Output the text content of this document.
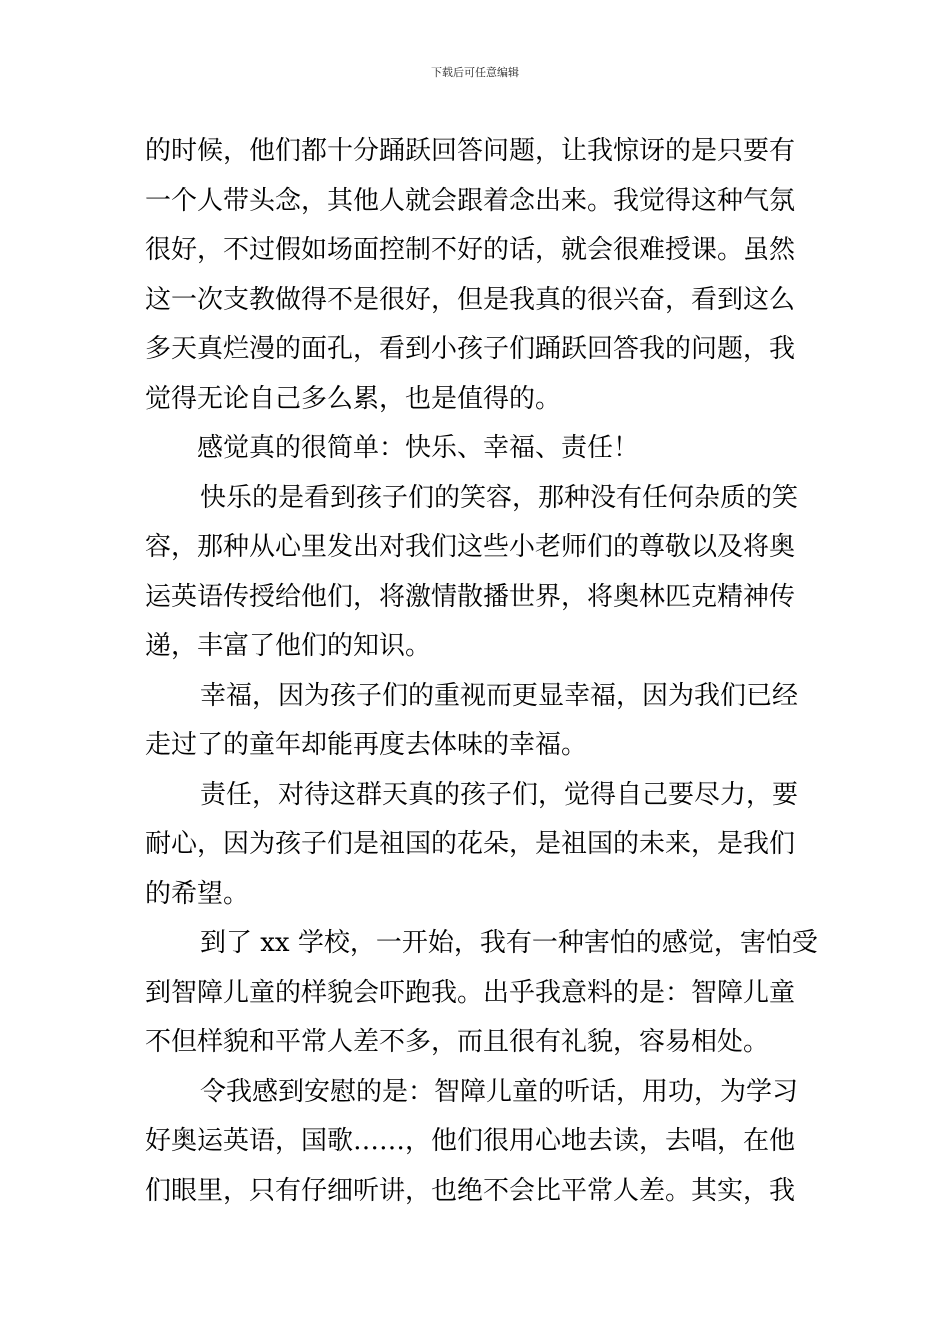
下载后可任意编辑
的时候，他们都十分踊跃回答问题，让我惊讶的是只要有
一个人带头念，其他人就会跟着念出来。我觉得这种气氛
很好，不过假如场面控制不好的话，就会很难授课。虽然
这一次支教做得不是很好，但是我真的很兴奋，看到这么
多天真烂漫的面孔，看到小孩子们踊跃回答我的问题，我
觉得无论自己多么累，也是值得的。
感觉真的很简单：快乐、幸福、责任！
快乐的是看到孩子们的笑容，那种没有任何杂质的笑
容，那种从心里发出对我们这些小老师们的尊敬以及将奥
运英语传授给他们，将激情散播世界，将奥林匹克精神传
递，丰富了他们的知识。
幸福，因为孩子们的重视而更显幸福，因为我们已经
走过了的童年却能再度去体味的幸福。
责任，对待这群天真的孩子们，觉得自己要尽力，要
耐心，因为孩子们是祖国的花朵，是祖国的未来，是我们
的希望。
到了 xx 学校，一开始，我有一种害怕的感觉，害怕受
到智障儿童的样貌会吓跑我。出乎我意料的是：智障儿童
不但样貌和平常人差不多，而且很有礼貌，容易相处。
令我感到安慰的是：智障儿童的听话，用功，为学习
好奥运英语，国歌……，他们很用心地去读，去唱，在他
们眼里，只有仔细听讲，也绝不会比平常人差。其实，我
